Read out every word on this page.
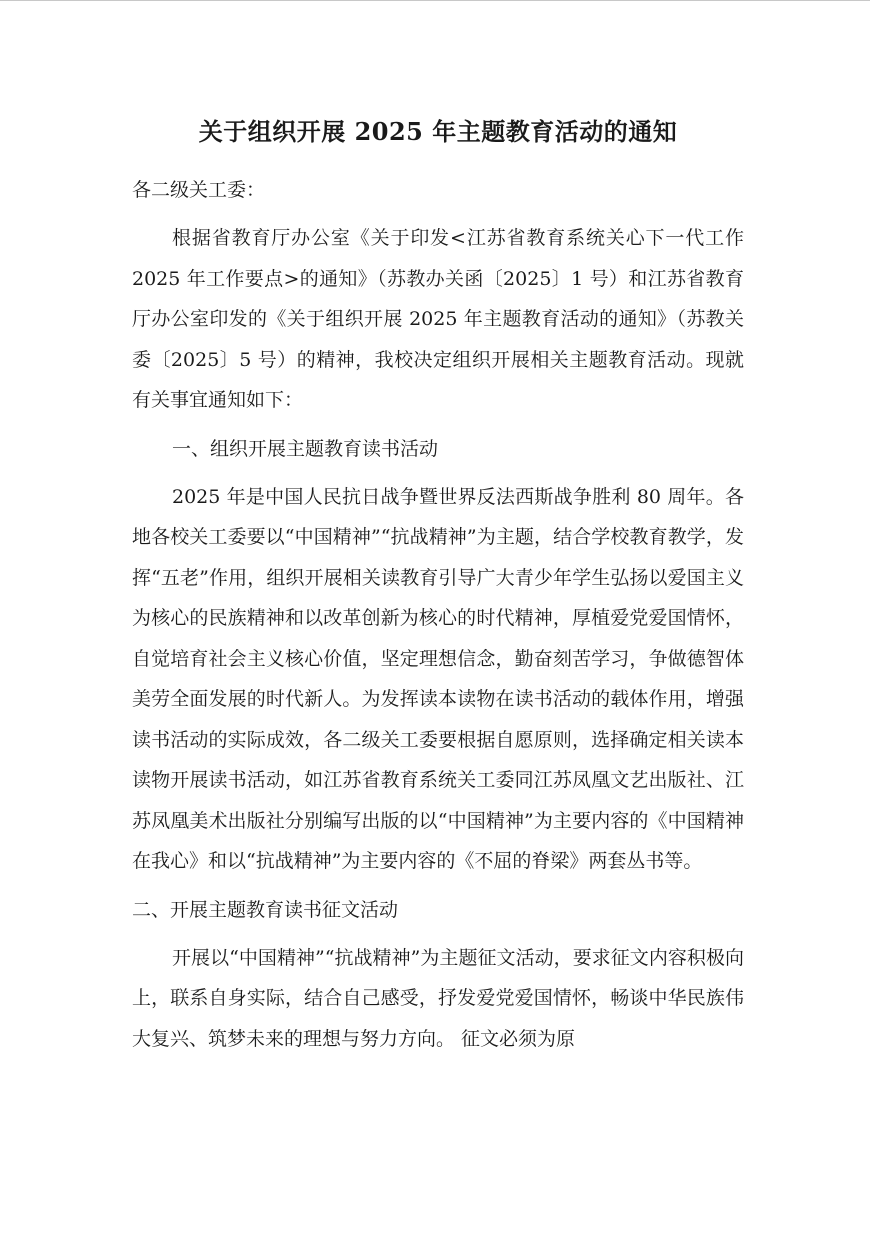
关于组织开展 2025 年主题教育活动的通知

各二级关工委：

根据省教育厅办公室《关于印发<江苏省教育系统关心下一代工作 2025 年工作要点>的通知》（苏教办关函〔2025〕1 号）和江苏省教育厅办公室印发的《关于组织开展 2025 年主题教育活动的通知》（苏教关委〔2025〕5 号）的精神，我校决定组织开展相关主题教育活动。现就有关事宜通知如下：

一、组织开展主题教育读书活动

2025 年是中国人民抗日战争暨世界反法西斯战争胜利 80 周年。各地各校关工委要以“中国精神”“抗战精神”为主题，结合学校教育教学，发挥“五老”作用，组织开展相关读教育引导广大青少年学生弘扬以爱国主义为核心的民族精神和以改革创新为核心的时代精神，厚植爱党爱国情怀，自觉培育社会主义核心价值，坚定理想信念，勤奋刻苦学习，争做德智体美劳全面发展的时代新人。为发挥读本读物在读书活动的载体作用，增强读书活动的实际成效，各二级关工委要根据自愿原则，选择确定相关读本读物开展读书活动，如江苏省教育系统关工委同江苏凤凰文艺出版社、江苏凤凰美术出版社分别编写出版的以“中国精神”为主要内容的《中国精神在我心》和以“抗战精神”为主要内容的《不屈的脊梁》两套丛书等。

二、开展主题教育读书征文活动

开展以“中国精神”“抗战精神”为主题征文活动，要求征文内容积极向上，联系自身实际，结合自己感受，抒发爱党爱国情怀，畅谈中华民族伟大复兴、筑梦未来的理想与努力方向。 征文必须为原
